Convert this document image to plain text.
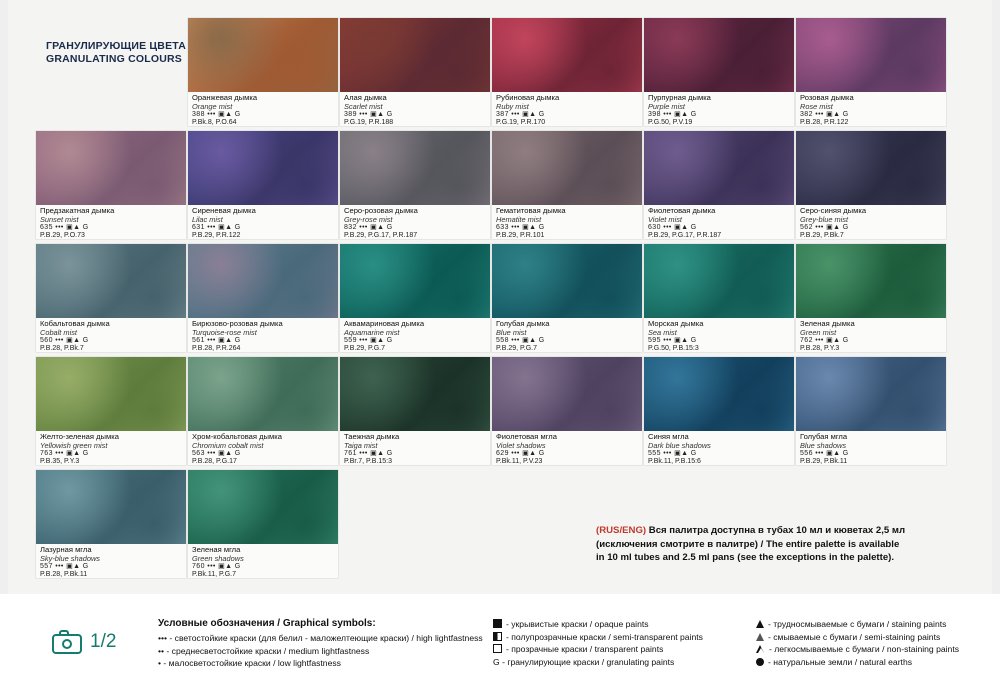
ГРАНУЛИРУЮЩИЕ ЦВЕТА
GRANULATING COLOURS
Оранжевая дымка
Orange mist
388 ••• ▣▲ G
P.Bk.8, P.O.64
Алая дымка
Scarlet mist
389 ••• ▣▲ G
P.G.19, P.R.188
Рубиновая дымка
Ruby mist
387 ••• ▣▲ G
P.G.19, P.R.170
Пурпурная дымка
Purple mist
398 ••• ▣▲ G
P.G.50, P.V.19
Розовая дымка
Rose mist
382 ••• ▣▲ G
P.B.28, P.R.122
Предзакатная дымка
Sunset mist
635 ••• ▣▲ G
P.B.29, P.O.73
Сиреневая дымка
Lilac mist
631 ••• ▣▲ G
P.B.29, P.R.122
Серо-розовая дымка
Grey-rose mist
832 ••• ▣▲ G
P.B.29, P.G.17, P.R.187
Гематитовая дымка
Hematite mist
633 ••• ▣▲ G
P.B.29, P.R.101
Фиолетовая дымка
Violet mist
630 ••• ▣▲ G
P.B.29, P.G.17, P.R.187
Серо-синяя дымка
Grey-blue mist
562 ••• ▣▲ G
P.B.29, P.Bk.7
Кобальтовая дымка
Cobalt mist
560 ••• ▣▲ G
P.B.28, P.Bk.7
Бирюзово-розовая дымка
Turquoise-rose mist
561 ••• ▣▲ G
P.B.28, P.R.264
Аквамариновая дымка
Aquamarine mist
559 ••• ▣▲ G
P.B.29, P.G.7
Голубая дымка
Blue mist
558 ••• ▣▲ G
P.B.29, P.G.7
Морская дымка
Sea mist
595 ••• ▣▲ G
P.G.50, P.B.15:3
Зеленая дымка
Green mist
762 ••• ▣▲ G
P.B.28, P.Y.3
Желто-зеленая дымка
Yellowish green mist
763 ••• ▣▲ G
P.B.35, P.Y.3
Хром-кобальтовая дымка
Chromium cobalt mist
563 ••• ▣▲ G
P.B.28, P.G.17
Таежная дымка
Taiga mist
761 ••• ▣▲ G
P.Br.7, P.B.15:3
Фиолетовая мгла
Violet shadows
629 ••• ▣▲ G
P.Bk.11, P.V.23
Синяя мгла
Dark blue shadows
555 ••• ▣▲ G
P.Bk.11, P.B.15:6
Голубая мгла
Blue shadows
556 ••• ▣▲ G
P.B.29, P.Bk.11
Лазурная мгла
Sky-blue shadows
557 ••• ▣▲ G
P.B.28, P.Bk.11
Зеленая мгла
Green shadows
760 ••• ▣▲ G
P.Bk.11, P.G.7
(RUS/ENG) Вся палитра доступна в тубах 10 мл и кюветах 2,5 мл
(исключения смотрите в палитре) / The entire palette is available
in 10 ml tubes and 2.5 ml pans (see the exceptions in the palette).
Условные обозначения / Graphical symbols:
••• - светостойкие краски (для белил - маложелтеющие краски) / high lightfastness
•• - среднесветостойкие краски / medium lightfastness
• - малосветостойкие краски / low lightfastness
- укрывистые краски / opaque paints
- полупрозрачные краски / semi-transparent paints
- прозрачные краски / transparent paints
G - гранулирующие краски / granulating paints
- трудносмываемые с бумаги / staining paints
- смываемые с бумаги / semi-staining paints
- легкосмываемые с бумаги / non-staining paints
- натуральные земли / natural earths
1/2
